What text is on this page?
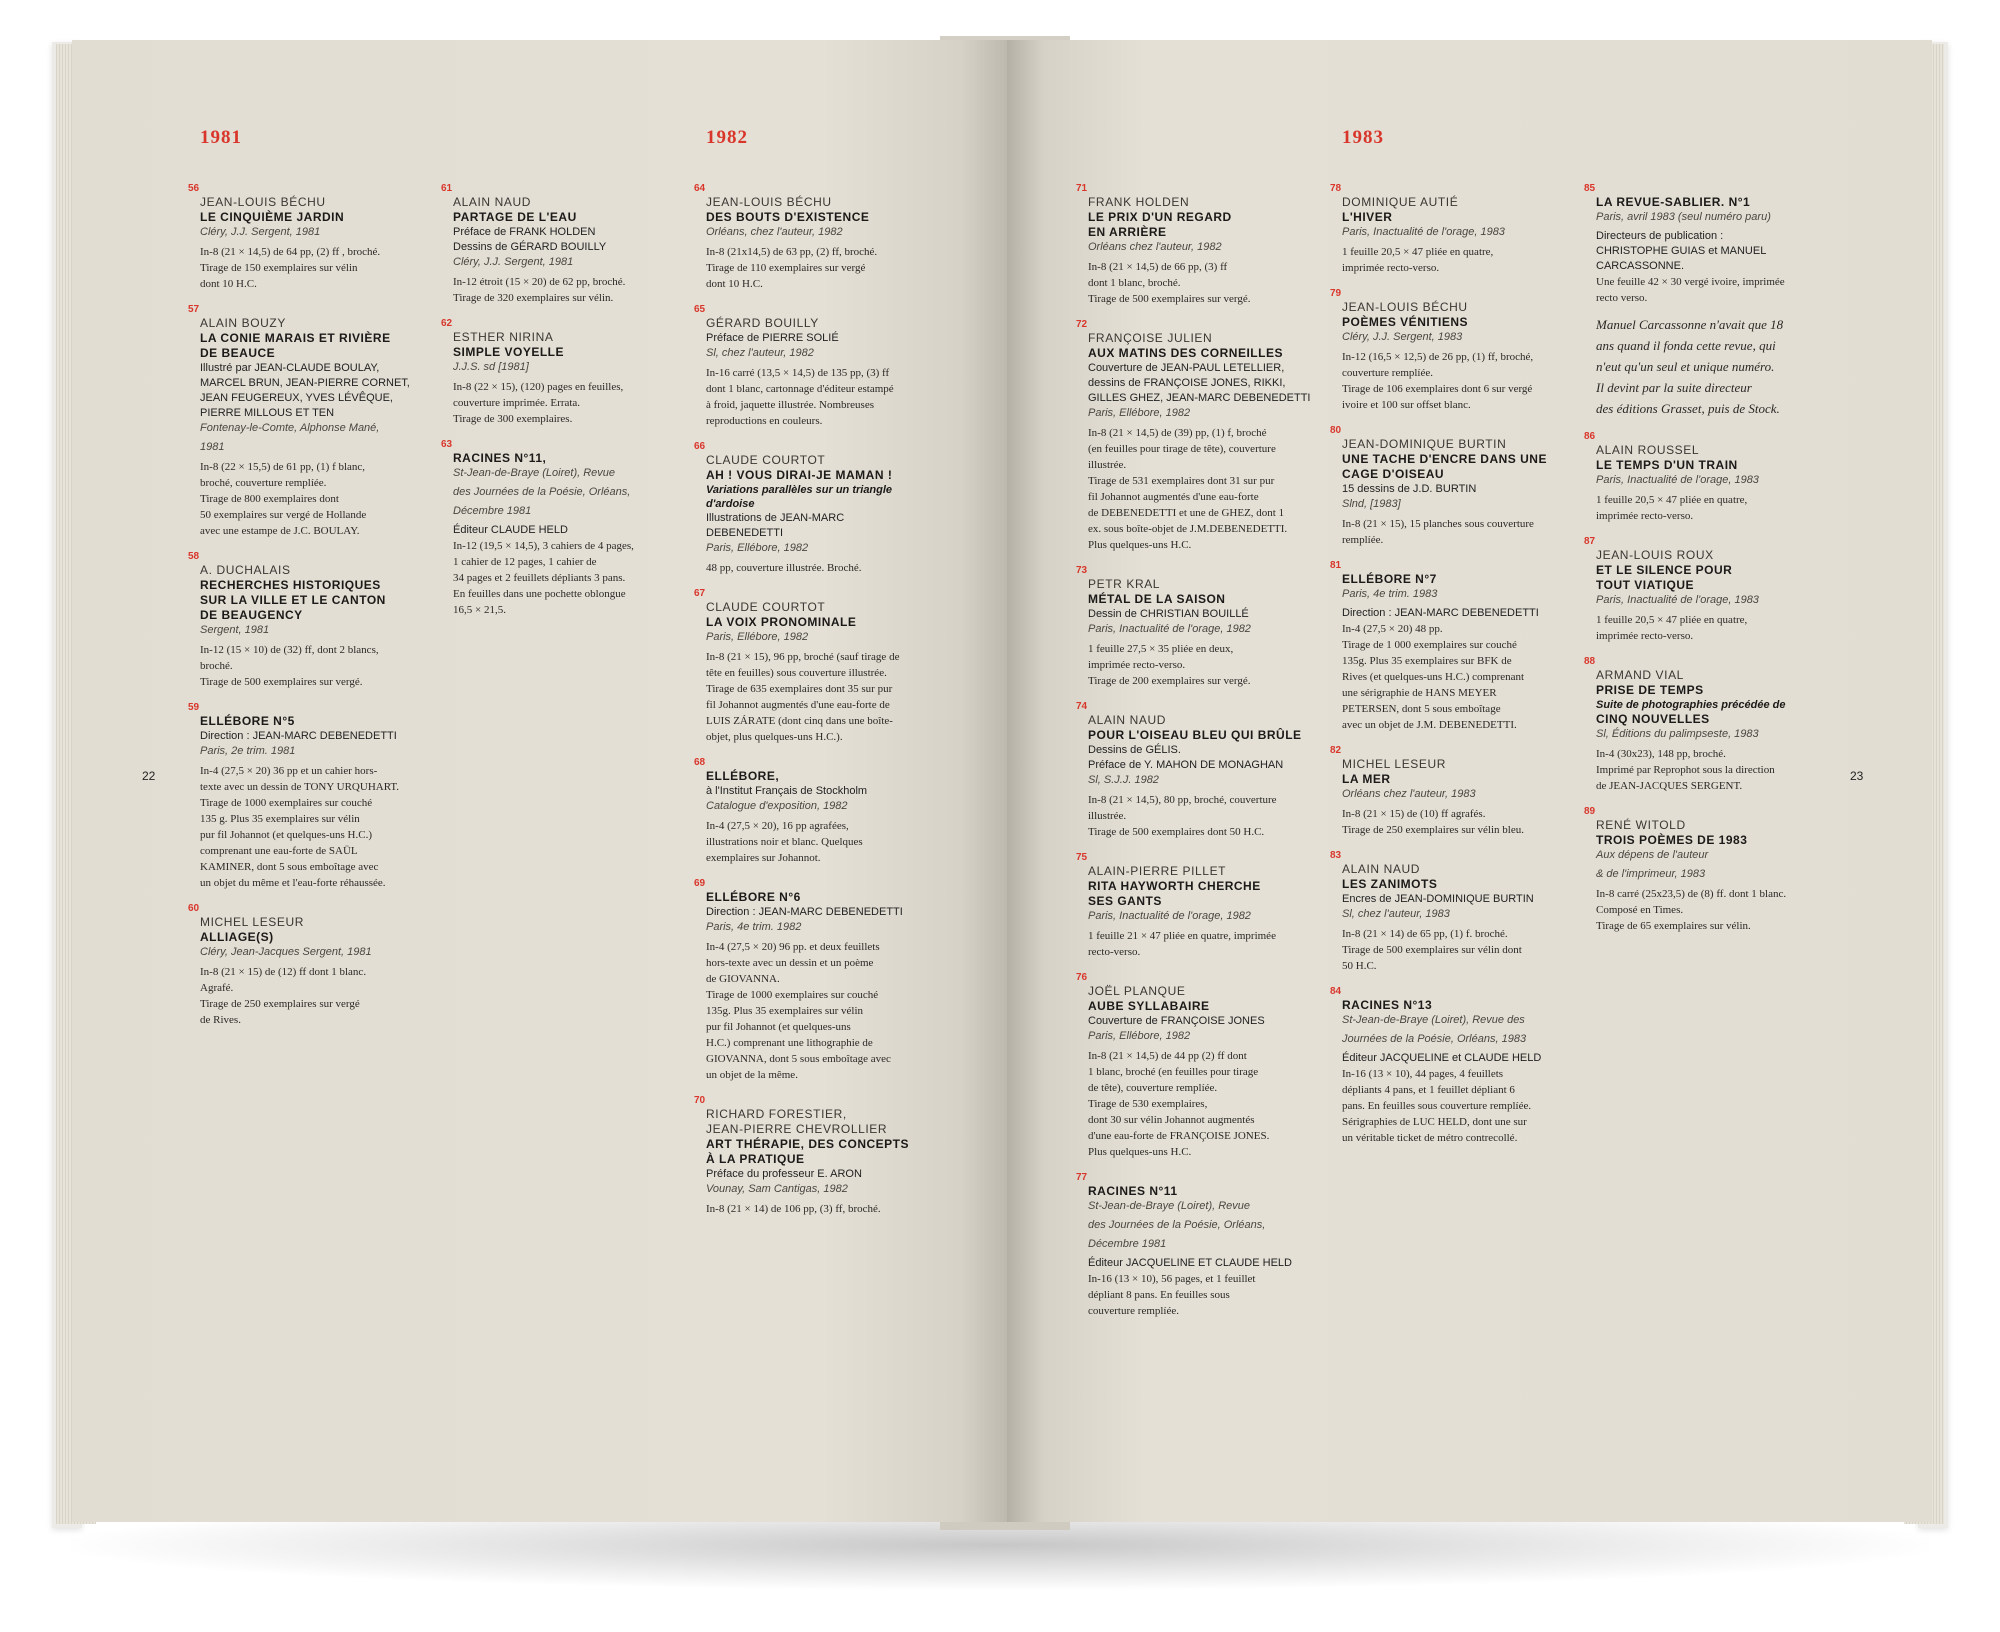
1981	1982	1983
22	23
56
JEAN-LOUIS BÉCHU
LE CINQUIÈME JARDIN
Cléry, J.J. Sergent, 1981
In-8 (21 × 14,5) de 64 pp, (2) ff , broché.
Tirage de 150 exemplaires sur vélin
dont 10 H.C.
57
ALAIN BOUZY
LA CONIE MARAIS ET RIVIÈRE
DE BEAUCE
Illustré par JEAN-CLAUDE BOULAY,
MARCEL BRUN, JEAN-PIERRE CORNET,
JEAN FEUGEREUX, YVES LÉVÊQUE,
PIERRE MILLOUS ET TEN
Fontenay-le-Comte, Alphonse Mané,
1981
In-8 (22 × 15,5) de 61 pp, (1) f blanc,
broché, couverture remplíée.
Tirage de 800 exemplaires dont
50 exemplaires sur vergé de Hollande
avec une estampe de J.C. BOULAY.
58
A. DUCHALAIS
RECHERCHES HISTORIQUES
SUR LA VILLE ET LE CANTON
DE BEAUGENCY
Sergent, 1981
In-12 (15 × 10) de (32) ff, dont 2 blancs,
broché.
Tirage de 500 exemplaires sur vergé.
59
ELLÉBORE N°5
Direction : JEAN-MARC DEBENEDETTI
Paris, 2e trim. 1981
In-4 (27,5 × 20) 36 pp et un cahier hors-
texte avec un dessin de TONY URQUHART.
Tirage de 1000 exemplaires sur couché
135 g. Plus 35 exemplaires sur vélin
pur fil Johannot (et quelques-uns H.C.)
comprenant une eau-forte de SAÜL
KAMINER, dont 5 sous emboîtage avec
un objet du même et l'eau-forte réhaussée.
60
MICHEL LESEUR
ALLIAGE(S)
Cléry, Jean-Jacques Sergent, 1981
In-8 (21 × 15) de (12) ff dont 1 blanc.
Agrafé.
Tirage de 250 exemplaires sur vergé
de Rives.
61
ALAIN NAUD
PARTAGE DE L'EAU
Préface de FRANK HOLDEN
Dessins de GÉRARD BOUILLY
Cléry, J.J. Sergent, 1981
In-12 étroit (15 × 20) de 62 pp, broché.
Tirage de 320 exemplaires sur vélin.
62
ESTHER NIRINA
SIMPLE VOYELLE
J.J.S. sd [1981]
In-8 (22 × 15), (120) pages en feuilles,
couverture imprimée. Errata.
Tirage de 300 exemplaires.
63
RACINES N°11,
St-Jean-de-Braye (Loiret), Revue
des Journées de la Poésie, Orléans,
Décembre 1981
Éditeur CLAUDE HELD
In-12 (19,5 × 14,5), 3 cahiers de 4 pages,
1 cahier de 12 pages, 1 cahier de
34 pages et 2 feuillets dépliants 3 pans.
En feuilles dans une pochette oblongue
16,5 × 21,5.
64
JEAN-LOUIS BÉCHU
DES BOUTS D'EXISTENCE
Orléans, chez l'auteur, 1982
In-8 (21x14,5) de 63 pp, (2) ff, broché.
Tirage de 110 exemplaires sur vergé
dont 10 H.C.
65
GÉRARD BOUILLY
Préface de PIERRE SOLIÉ
Sl, chez l'auteur, 1982
In-16 carré (13,5 × 14,5) de 135 pp, (3) ff
dont 1 blanc, cartonnage d'éditeur estampé
à froid, jaquette illustrée. Nombreuses
reproductions en couleurs.
66
CLAUDE COURTOT
AH ! VOUS DIRAI-JE MAMAN !
Variations parallèles sur un triangle
d'ardoise
Illustrations de JEAN-MARC
DEBENEDETTI
Paris, Ellébore, 1982
48 pp, couverture illustrée. Broché.
67
CLAUDE COURTOT
LA VOIX PRONOMINALE
Paris, Ellébore, 1982
In-8 (21 × 15), 96 pp, broché (sauf tirage de
tête en feuilles) sous couverture illustrée.
Tirage de 635 exemplaires dont 35 sur pur
fil Johannot augmentés d'une eau-forte de
LUIS ZÁRATE (dont cinq dans une boîte-
objet, plus quelques-uns H.C.).
68
ELLÉBORE,
à l'Institut Français de Stockholm
Catalogue d'exposition, 1982
In-4 (27,5 × 20), 16 pp agrafées,
illustrations noir et blanc. Quelques
exemplaires sur Johannot.
69
ELLÉBORE N°6
Direction : JEAN-MARC DEBENEDETTI
Paris, 4e trim. 1982
In-4 (27,5 × 20) 96 pp. et deux feuillets
hors-texte avec un dessin et un poème
de GIOVANNA.
Tirage de 1000 exemplaires sur couché
135g. Plus 35 exemplaires sur vélin
pur fil Johannot (et quelques-uns
H.C.) comprenant une lithographie de
GIOVANNA, dont 5 sous emboîtage avec
un objet de la même.
70
RICHARD FORESTIER,
JEAN-PIERRE CHEVROLLIER
ART THÉRAPIE, DES CONCEPTS
À LA PRATIQUE
Préface du professeur E. ARON
Vounay, Sam Cantigas, 1982
In-8 (21 × 14) de 106 pp, (3) ff, broché.
71
FRANK HOLDEN
LE PRIX D'UN REGARD
EN ARRIÈRE
Orléans chez l'auteur, 1982
In-8 (21 × 14,5) de 66 pp, (3) ff
dont 1 blanc, broché.
Tirage de 500 exemplaires sur vergé.
72
FRANÇOISE JULIEN
AUX MATINS DES CORNEILLES
Couverture de JEAN-PAUL LETELLIER,
dessins de FRANÇOISE JONES, RIKKI,
GILLES GHEZ, JEAN-MARC DEBENEDETTI
Paris, Ellébore, 1982
In-8 (21 × 14,5) de (39) pp, (1) f, broché
(en feuilles pour tirage de tête), couverture
illustrée.
Tirage de 531 exemplaires dont 31 sur pur
fil Johannot augmentés d'une eau-forte
de DEBENEDETTI et une de GHEZ, dont 1
ex. sous boîte-objet de J.M.DEBENEDETTI.
Plus quelques-uns H.C.
73
PETR KRAL
MÉTAL DE LA SAISON
Dessin de CHRISTIAN BOUILLÉ
Paris, Inactualité de l'orage, 1982
1 feuille 27,5 × 35 pliée en deux,
imprimée recto-verso.
Tirage de 200 exemplaires sur vergé.
74
ALAIN NAUD
POUR L'OISEAU BLEU QUI BRÛLE
Dessins de GÉLIS.
Préface de Y. MAHON DE MONAGHAN
Sl, S.J.J. 1982
In-8 (21 × 14,5), 80 pp, broché, couverture
illustrée.
Tirage de 500 exemplaires dont 50 H.C.
75
ALAIN-PIERRE PILLET
RITA HAYWORTH CHERCHE
SES GANTS
Paris, Inactualité de l'orage, 1982
1 feuille 21 × 47 pliée en quatre, imprimée
recto-verso.
76
JOËL PLANQUE
AUBE SYLLABAIRE
Couverture de FRANÇOISE JONES
Paris, Ellébore, 1982
In-8 (21 × 14,5) de 44 pp (2) ff dont
1 blanc, broché (en feuilles pour tirage
de tête), couverture remplíée.
Tirage de 530 exemplaires,
dont 30 sur vélin Johannot augmentés
d'une eau-forte de FRANÇOISE JONES.
Plus quelques-uns H.C.
77
RACINES N°11
St-Jean-de-Braye (Loiret), Revue
des Journées de la Poésie, Orléans,
Décembre 1981
Éditeur JACQUELINE ET CLAUDE HELD
In-16 (13 × 10), 56 pages, et 1 feuillet
dépliant 8 pans. En feuilles sous
couverture remplíée.
78
DOMINIQUE AUTIÉ
L'HIVER
Paris, Inactualité de l'orage, 1983
1 feuille 20,5 × 47 pliée en quatre,
imprimée recto-verso.
79
JEAN-LOUIS BÉCHU
POÈMES VÉNITIENS
Cléry, J.J. Sergent, 1983
In-12 (16,5 × 12,5) de 26 pp, (1) ff, broché,
couverture remplíée.
Tirage de 106 exemplaires dont 6 sur vergé
ivoire et 100 sur offset blanc.
80
JEAN-DOMINIQUE BURTIN
UNE TACHE D'ENCRE DANS UNE
CAGE D'OISEAU
15 dessins de J.D. BURTIN
Slnd, [1983]
In-8 (21 × 15), 15 planches sous couverture
remplíée.
81
ELLÉBORE N°7
Paris, 4e trim. 1983
Direction : JEAN-MARC DEBENEDETTI
In-4 (27,5 × 20) 48 pp.
Tirage de 1 000 exemplaires sur couché
135g. Plus 35 exemplaires sur BFK de
Rives (et quelques-uns H.C.) comprenant
une sérigraphie de HANS MEYER
PETERSEN, dont 5 sous emboîtage
avec un objet de J.M. DEBENEDETTI.
82
MICHEL LESEUR
LA MER
Orléans chez l'auteur, 1983
In-8 (21 × 15) de (10) ff agrafés.
Tirage de 250 exemplaires sur vélin bleu.
83
ALAIN NAUD
LES ZANIMOTS
Encres de JEAN-DOMINIQUE BURTIN
Sl, chez l'auteur, 1983
In-8 (21 × 14) de 65 pp, (1) f. broché.
Tirage de 500 exemplaires sur vélin dont
50 H.C.
84
RACINES N°13
St-Jean-de-Braye (Loiret), Revue des
Journées de la Poésie, Orléans, 1983
Éditeur JACQUELINE et CLAUDE HELD
In-16 (13 × 10), 44 pages, 4 feuillets
dépliants 4 pans, et 1 feuillet dépliant 6
pans. En feuilles sous couverture remplíée.
Sérigraphies de LUC HELD, dont une sur
un véritable ticket de métro contrecollé.
85
LA REVUE-SABLIER. N°1
Paris, avril 1983 (seul numéro paru)
Directeurs de publication :
CHRISTOPHE GUIAS et MANUEL
CARCASSONNE.
Une feuille 42 × 30 vergé ivoire, imprimée
recto verso.
Manuel Carcassonne n'avait que 18
ans quand il fonda cette revue, qui
n'eut qu'un seul et unique numéro.
Il devint par la suite directeur
des éditions Grasset, puis de Stock.
86
ALAIN ROUSSEL
LE TEMPS D'UN TRAIN
Paris, Inactualité de l'orage, 1983
1 feuille 20,5 × 47 pliée en quatre,
imprimée recto-verso.
87
JEAN-LOUIS ROUX
ET LE SILENCE POUR
TOUT VIATIQUE
Paris, Inactualité de l'orage, 1983
1 feuille 20,5 × 47 pliée en quatre,
imprimée recto-verso.
88
ARMAND VIAL
PRISE DE TEMPS
Suite de photographies précédée de
CINQ NOUVELLES
Sl, Éditions du palimpseste, 1983
In-4 (30x23), 148 pp, broché.
Imprimé par Reprophot sous la direction
de JEAN-JACQUES SERGENT.
89
RENÉ WITOLD
TROIS POÈMES DE 1983
Aux dépens de l'auteur
& de l'imprimeur, 1983
In-8 carré (25x23,5) de (8) ff. dont 1 blanc.
Composé en Times.
Tirage de 65 exemplaires sur vélin.
